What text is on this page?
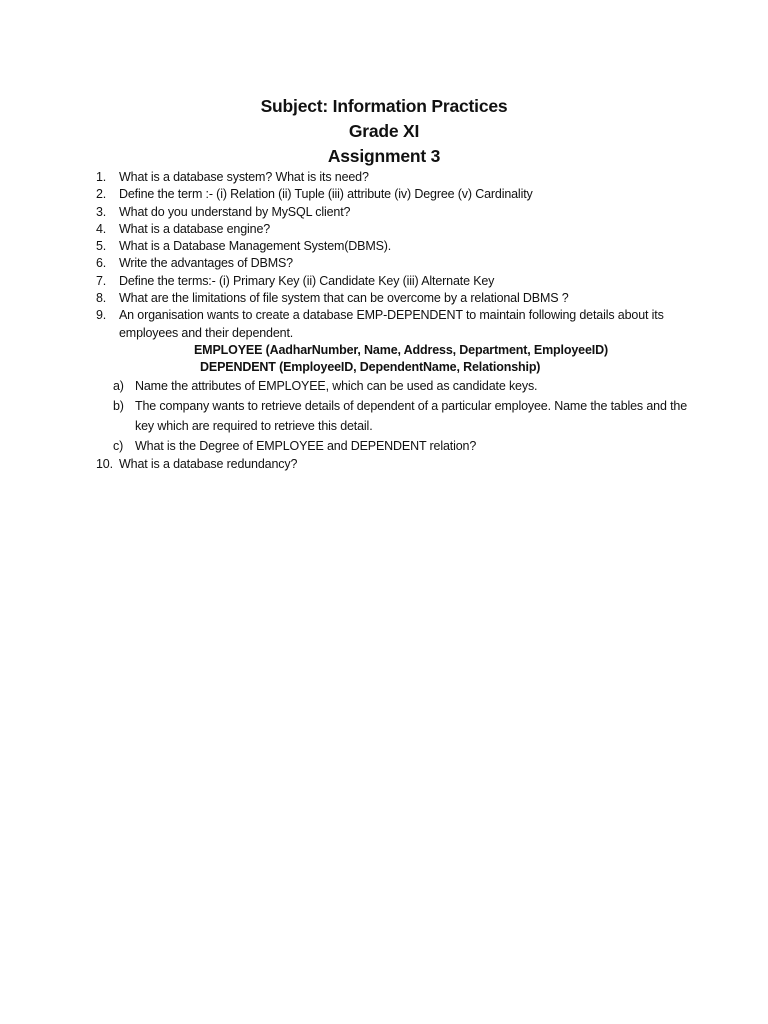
Subject: Information Practices
Grade XI
Assignment 3
1.	What is a database system? What is its need?
2.	Define the term :- (i) Relation (ii) Tuple (iii) attribute (iv) Degree (v) Cardinality
3.	What do you understand by MySQL client?
4.	What is a database engine?
5.	What is a Database Management System(DBMS).
6.	Write the advantages of DBMS?
7.	Define the terms:- (i) Primary Key (ii) Candidate Key (iii) Alternate Key
8.	What are the limitations of file system that can be overcome by a relational DBMS ?
9.	An organisation wants to create a database EMP-DEPENDENT to maintain following details about its employees and their dependent.
EMPLOYEE (AadharNumber, Name, Address, Department, EmployeeID)
DEPENDENT (EmployeeID, DependentName, Relationship)
a) Name the attributes of EMPLOYEE, which can be used as candidate keys.
b) The company wants to retrieve details of dependent of a particular employee. Name the tables and the key which are required to retrieve this detail.
c) What is the Degree of EMPLOYEE and DEPENDENT relation?
10. What is a database redundancy?
